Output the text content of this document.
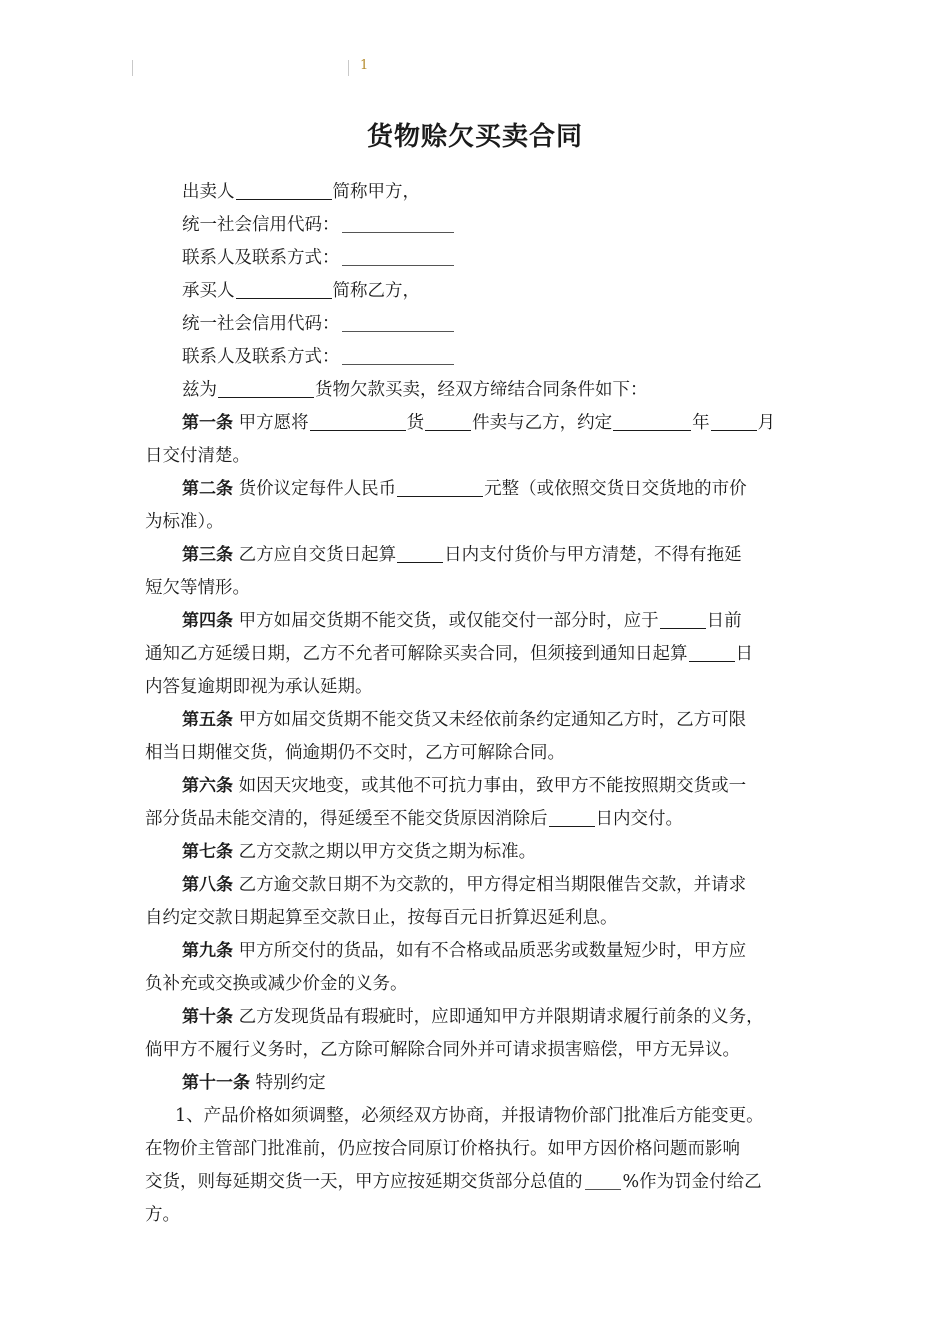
1
货物赊欠买卖合同

出卖人	简称甲方，

统一社会信用代码：

联系人及联系方式：

承买人	简称乙方，

统一社会信用代码：

联系人及联系方式：

兹为	货物欠款买卖，经双方缔结合同条件如下：

第一条 甲方愿将	货	件卖与乙方，约定	年	月

日交付清楚。

第二条 货价议定每件人民币	元整（或依照交货日交货地的市价

为标准）。

第三条 乙方应自交货日起算	日内支付货价与甲方清楚，不得有拖延

短欠等情形。

第四条 甲方如届交货期不能交货，或仅能交付一部分时，应于	日前

通知乙方延缓日期，乙方不允者可解除买卖合同，但须接到通知日起算	日

内答复逾期即视为承认延期。

第五条 甲方如届交货期不能交货又未经依前条约定通知乙方时，乙方可限

相当日期催交货，倘逾期仍不交时，乙方可解除合同。

第六条 如因天灾地变，或其他不可抗力事由，致甲方不能按照期交货或一

部分货品未能交清的，得延缓至不能交货原因消除后	日内交付。

第七条 乙方交款之期以甲方交货之期为标准。

第八条 乙方逾交款日期不为交款的，甲方得定相当期限催告交款，并请求

自约定交款日期起算至交款日止，按每百元日折算迟延利息。

第九条 甲方所交付的货品，如有不合格或品质恶劣或数量短少时，甲方应

负补充或交换或减少价金的义务。

第十条 乙方发现货品有瑕疵时，应即通知甲方并限期请求履行前条的义务，

倘甲方不履行义务时，乙方除可解除合同外并可请求损害赔偿，甲方无异议。

第十一条 特别约定

1、产品价格如须调整，必须经双方协商，并报请物价部门批准后方能变更。

在物价主管部门批准前，仍应按合同原订价格执行。如甲方因价格问题而影响

交货，则每延期交货一天，甲方应按延期交货部分总值的 %作为罚金付给乙

方。
